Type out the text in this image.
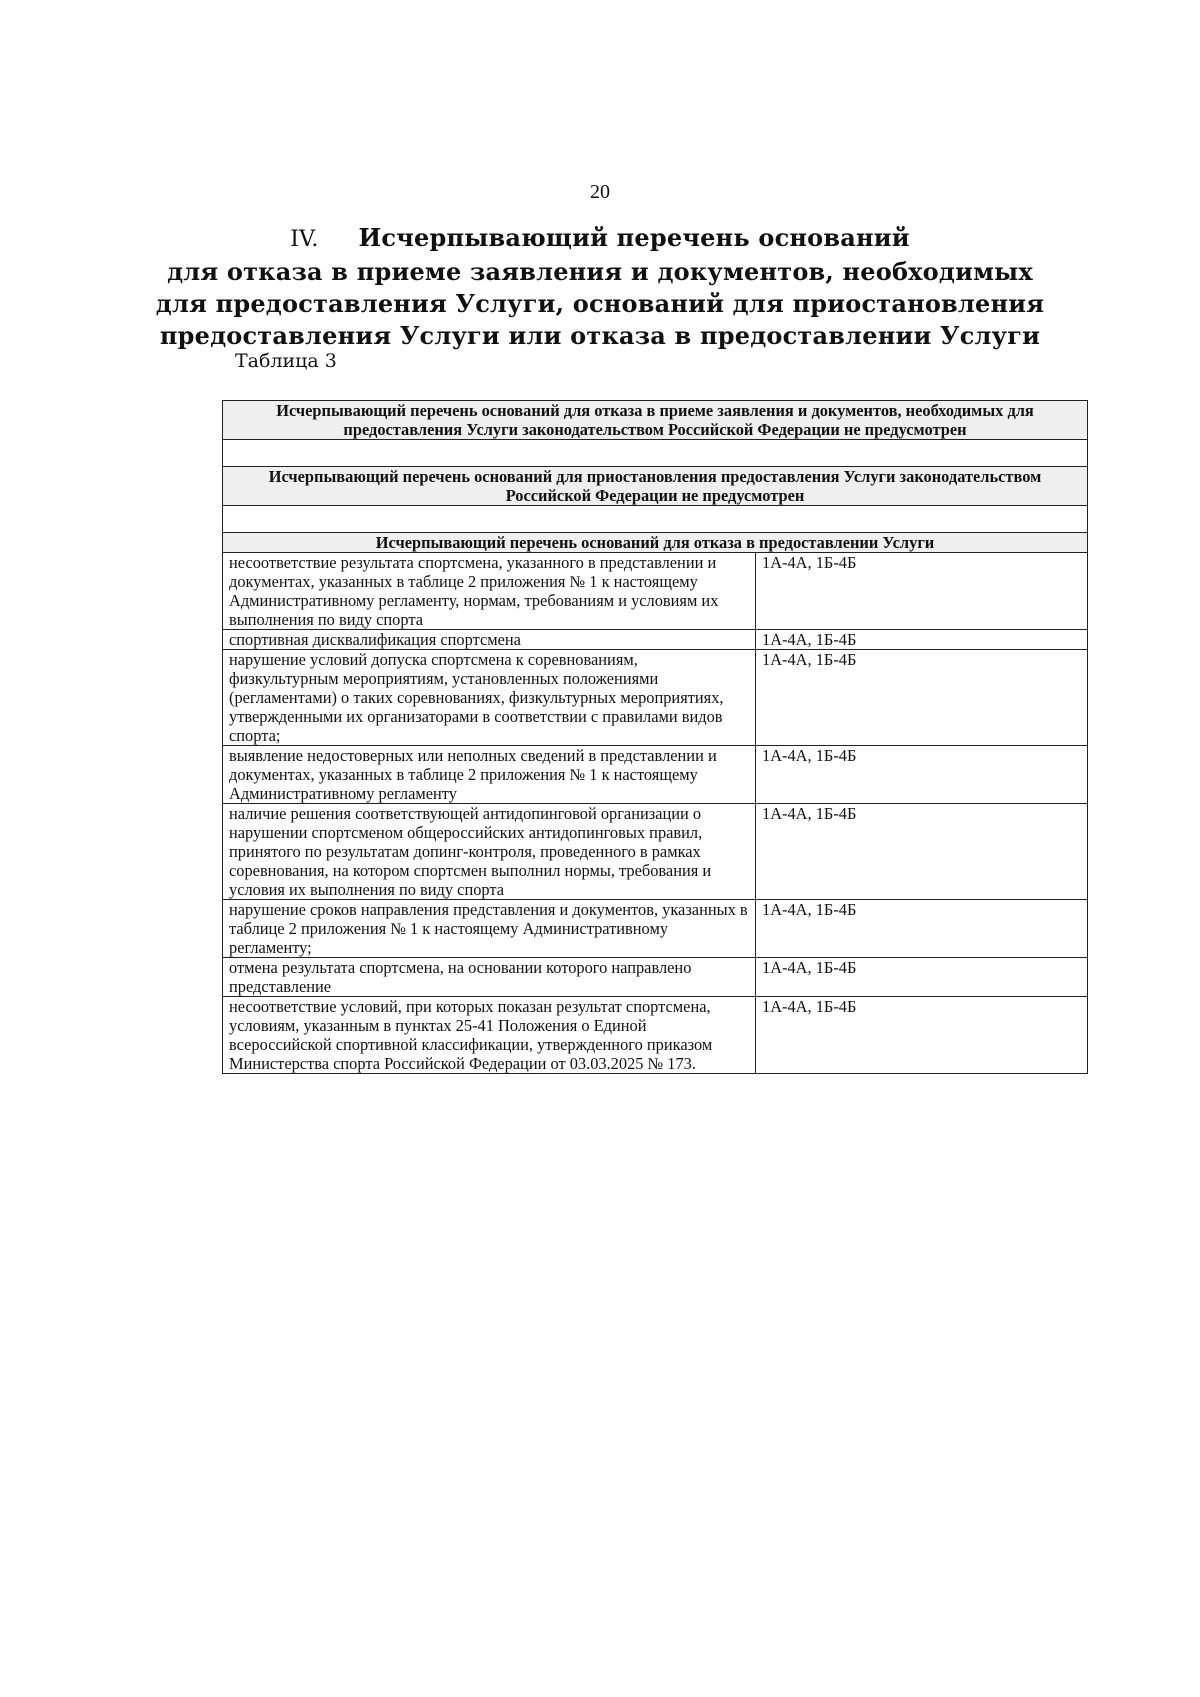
20
IV. Исчерпывающий перечень оснований
для отказа в приеме заявления и документов, необходимых
для предоставления Услуги, оснований для приостановления
предоставления Услуги или отказа в предоставлении Услуги
Таблица 3
Исчерпывающий перечень оснований для отказа в приеме заявления и документов, необходимых для предоставления Услуги законодательством Российской Федерации не предусмотрен	

Исчерпывающий перечень оснований для приостановления предоставления Услуги законодательством Российской Федерации не предусмотрен	

Исчерпывающий перечень оснований для отказа в предоставлении Услуги	
несоответствие результата спортсмена, указанного в представлении и документах, указанных в таблице 2 приложения № 1 к настоящему Административному регламенту, нормам, требованиям и условиям их выполнения по виду спорта	1А-4А, 1Б-4Б
спортивная дисквалификация спортсмена	1А-4А, 1Б-4Б
нарушение условий допуска спортсмена к соревнованиям, физкультурным мероприятиям, установленных положениями (регламентами) о таких соревнованиях, физкультурных мероприятиях, утвержденными их организаторами в соответствии с правилами видов спорта;	1А-4А, 1Б-4Б
выявление недостоверных или неполных сведений в представлении и документах, указанных в таблице 2 приложения № 1 к настоящему Административному регламенту	1А-4А, 1Б-4Б
наличие решения соответствующей антидопинговой организации о нарушении спортсменом общероссийских антидопинговых правил, принятого по результатам допинг-контроля, проведенного в рамках соревнования, на котором спортсмен выполнил нормы, требования и условия их выполнения по виду спорта	1А-4А, 1Б-4Б
нарушение сроков направления представления и документов, указанных в таблице 2 приложения № 1 к настоящему Административному регламенту;	1А-4А, 1Б-4Б
отмена результата спортсмена, на основании которого направлено представление	1А-4А, 1Б-4Б
несоответствие условий, при которых показан результат спортсмена, условиям, указанным в пунктах 25-41 Положения о Единой всероссийской спортивной классификации, утвержденного приказом Министерства спорта Российской Федерации от 03.03.2025 № 173.	1А-4А, 1Б-4Б
